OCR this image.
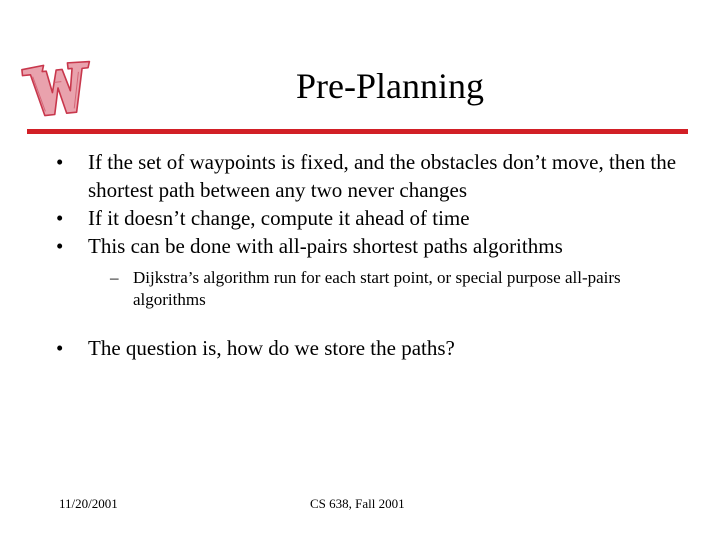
Pre-Planning
•	If the set of waypoints is fixed, and the obstacles don’t move, then the shortest path between any two never changes
•	If it doesn’t change, compute it ahead of time
•	This can be done with all-pairs shortest paths algorithms
– Dijkstra’s algorithm run for each start point, or special purpose all-pairs algorithms
•	The question is, how do we store the paths?
11/20/2001	CS 638, Fall 2001
